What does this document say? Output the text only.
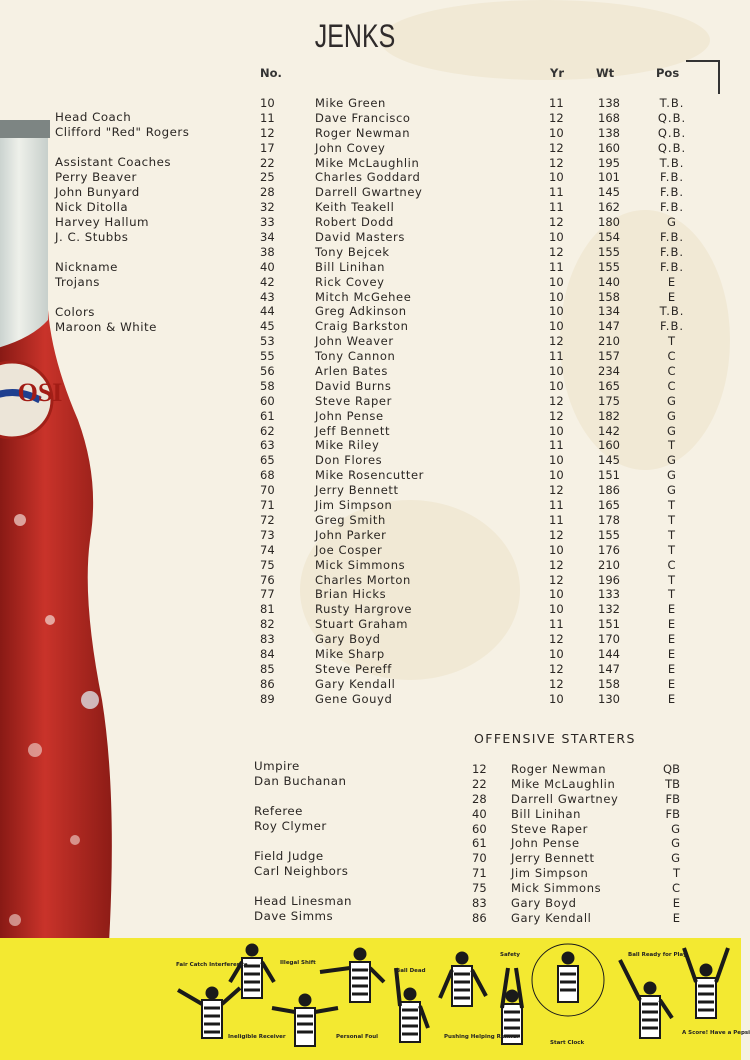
OSI
JENKS
No.	Yr	Wt	Pos
10	Mike Green	11	138	T.B.
11	Dave Francisco	12	168	Q.B.
12	Roger Newman	10	138	Q.B.
17	John Covey	12	160	Q.B.
22	Mike McLaughlin	12	195	T.B.
25	Charles Goddard	10	101	F.B.
28	Darrell Gwartney	11	145	F.B.
32	Keith Teakell	11	162	F.B.
33	Robert Dodd	12	180	G
34	David Masters	10	154	F.B.
38	Tony Bejcek	12	155	F.B.
40	Bill Linihan	11	155	F.B.
42	Rick Covey	10	140	E
43	Mitch McGehee	10	158	E
44	Greg Adkinson	10	134	T.B.
45	Craig Barkston	10	147	F.B.
53	John Weaver	12	210	T
55	Tony Cannon	11	157	C
56	Arlen Bates	10	234	C
58	David Burns	10	165	C
60	Steve Raper	12	175	G
61	John Pense	12	182	G
62	Jeff Bennett	10	142	G
63	Mike Riley	11	160	T
65	Don Flores	10	145	G
68	Mike Rosencutter	10	151	G
70	Jerry Bennett	12	186	G
71	Jim Simpson	11	165	T
72	Greg Smith	11	178	T
73	John Parker	12	155	T
74	Joe Cosper	10	176	T
75	Mick Simmons	12	210	C
76	Charles Morton	12	196	T
77	Brian Hicks	10	133	T
81	Rusty Hargrove	10	132	E
82	Stuart Graham	11	151	E
83	Gary Boyd	12	170	E
84	Mike Sharp	10	144	E
85	Steve Pereff	12	147	E
86	Gary Kendall	12	158	E
89	Gene Gouyd	10	130	E
Head Coach
Clifford "Red" Rogers
Assistant Coaches
Perry Beaver
John Bunyard
Nick Ditolla
Harvey Hallum
J. C. Stubbs
Nickname
Trojans
Colors
Maroon & White
Umpire
Dan Buchanan
Referee
Roy Clymer
Field Judge
Carl Neighbors
Head Linesman
Dave Simms
OFFENSIVE STARTERS
12 Roger Newman	QB
22 Mike McLaughlin	TB
28 Darrell Gwartney	FB
40 Bill Linihan	FB
60 Steve Raper	G
61 John Pense	G
70 Jerry Bennett	G
71 Jim Simpson	T
75 Mick Simmons	C
83 Gary Boyd	E
86 Gary Kendall	E
Fair Catch Interference
Ineligible Receiver
Illegal Shift
Personal Foul
Ball Dead
Pushing Helping Runner
Safety
Start Clock
Ball Ready for Play
A Score! Have a Pepsi
